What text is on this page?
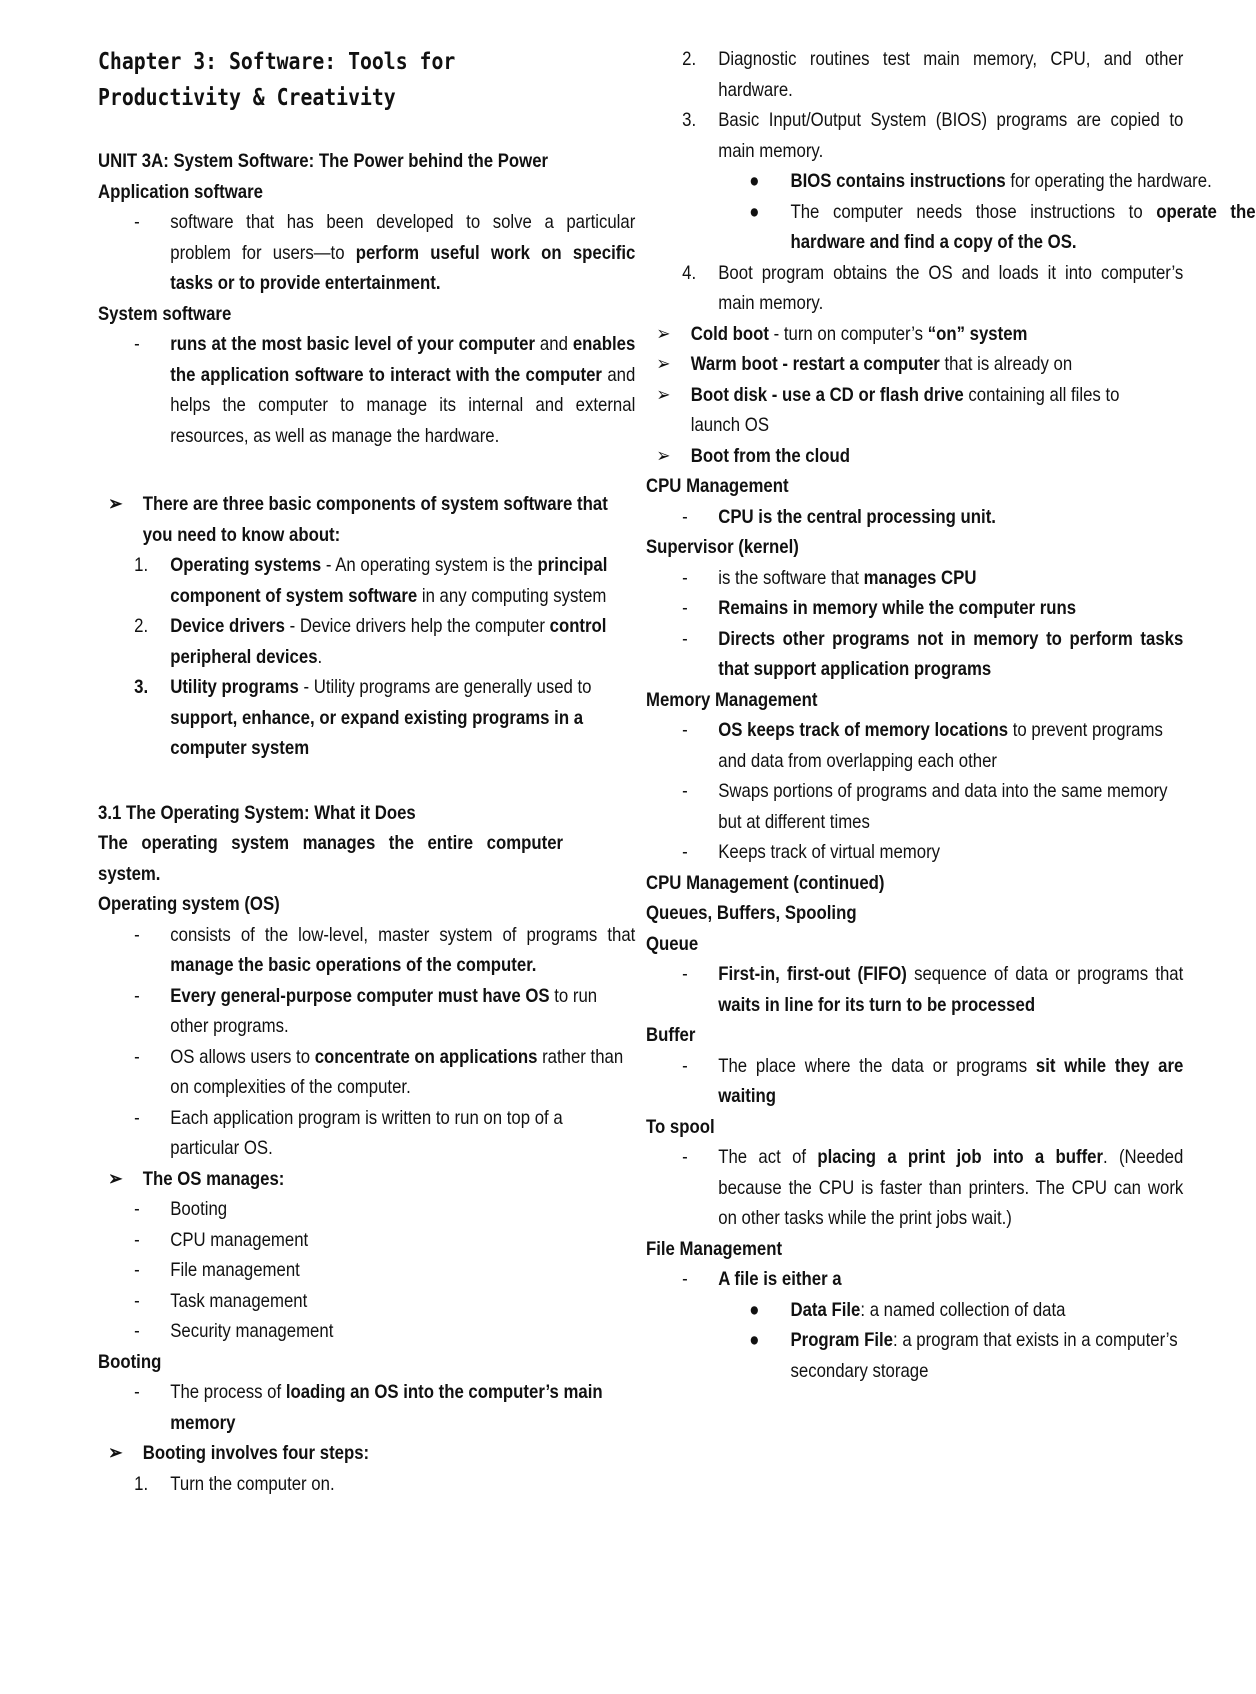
Chapter 3: Software: Tools for Productivity & Creativity
UNIT 3A: System Software: The Power behind the Power
Application software
- software that has been developed to solve a particular problem for users—to perform useful work on specific tasks or to provide entertainment.
System software
- runs at the most basic level of your computer and enables the application software to interact with the computer and helps the computer to manage its internal and external resources, as well as manage the hardware.
➢ There are three basic components of system software that you need to know about:
1. Operating systems - An operating system is the principal component of system software in any computing system
2. Device drivers - Device drivers help the computer control peripheral devices.
3. Utility programs - Utility programs are generally used to support, enhance, or expand existing programs in a computer system
3.1 The Operating System: What it Does
The operating system manages the entire computer system.
Operating system (OS)
- consists of the low-level, master system of programs that manage the basic operations of the computer.
- Every general-purpose computer must have OS to run other programs.
- OS allows users to concentrate on applications rather than on complexities of the computer.
- Each application program is written to run on top of a particular OS.
➢ The OS manages:
- Booting
- CPU management
- File management
- Task management
- Security management
Booting
- The process of loading an OS into the computer’s main memory
➢ Booting involves four steps:
1. Turn the computer on.
2. Diagnostic routines test main memory, CPU, and other hardware.
3. Basic Input/Output System (BIOS) programs are copied to main memory.
● BIOS contains instructions for operating the hardware.
● The computer needs those instructions to operate the hardware and find a copy of the OS.
4. Boot program obtains the OS and loads it into computer’s main memory.
➢ Cold boot - turn on computer’s “on” system
➢ Warm boot - restart a computer that is already on
➢ Boot disk - use a CD or flash drive containing all files to launch OS
➢ Boot from the cloud
CPU Management
- CPU is the central processing unit.
Supervisor (kernel)
- is the software that manages CPU
- Remains in memory while the computer runs
- Directs other programs not in memory to perform tasks that support application programs
Memory Management
- OS keeps track of memory locations to prevent programs and data from overlapping each other
- Swaps portions of programs and data into the same memory but at different times
- Keeps track of virtual memory
CPU Management (continued)
Queues, Buffers, Spooling
Queue
- First-in, first-out (FIFO) sequence of data or programs that waits in line for its turn to be processed
Buffer
- The place where the data or programs sit while they are waiting
To spool
- The act of placing a print job into a buffer. (Needed because the CPU is faster than printers. The CPU can work on other tasks while the print jobs wait.)
File Management
- A file is either a
● Data File: a named collection of data
● Program File: a program that exists in a computer’s secondary storage
